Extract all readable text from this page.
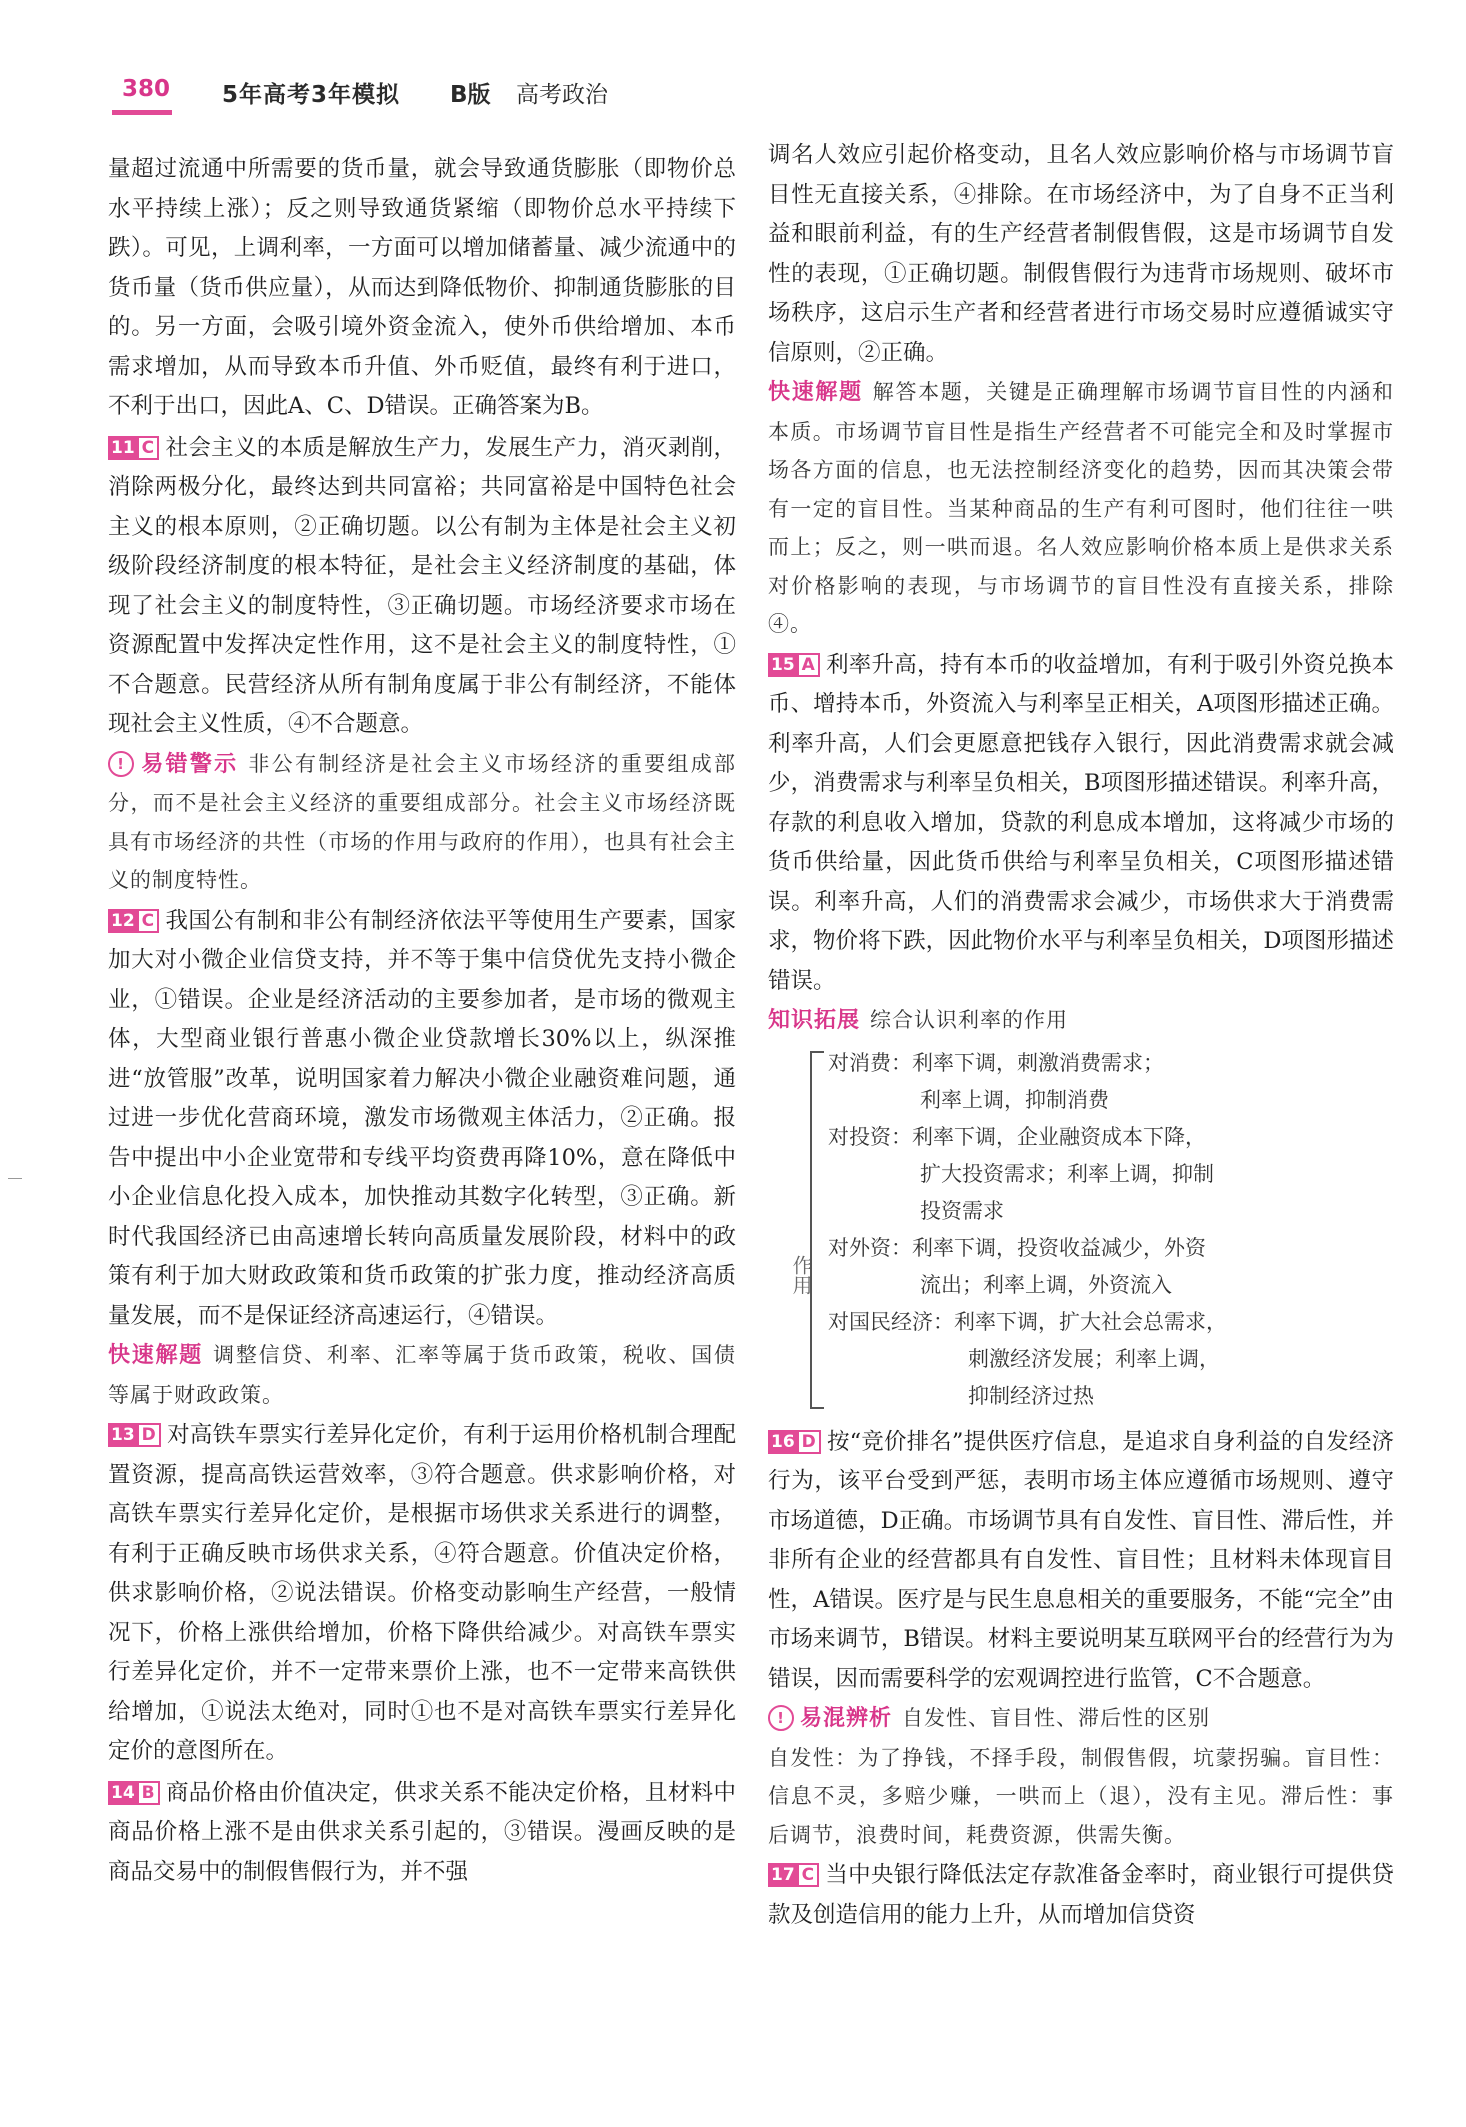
380 5年高考3年模拟 B版 高考政治

量超过流通中所需要的货币量，就会导致通货膨胀（即物价总水平持续上涨）；反之则导致通货紧缩（即物价总水平持续下跌）。可见，上调利率，一方面可以增加储蓄量、减少流通中的货币量（货币供应量），从而达到降低物价、抑制通货膨胀的目的。另一方面，会吸引境外资金流入，使外币供给增加、本币需求增加，从而导致本币升值、外币贬值，最终有利于进口，不利于出口，因此A、C、D错误。正确答案为B。

11 C 社会主义的本质是解放生产力，发展生产力，消灭剥削，消除两极分化，最终达到共同富裕；共同富裕是中国特色社会主义的根本原则，②正确切题。以公有制为主体是社会主义初级阶段经济制度的根本特征，是社会主义经济制度的基础，体现了社会主义的制度特性，③正确切题。市场经济要求市场在资源配置中发挥决定性作用，这不是社会主义的制度特性，①不合题意。民营经济从所有制角度属于非公有制经济，不能体现社会主义性质，④不合题意。

! 易错警示 非公有制经济是社会主义市场经济的重要组成部分，而不是社会主义经济的重要组成部分。社会主义市场经济既具有市场经济的共性（市场的作用与政府的作用），也具有社会主义的制度特性。

12 C 我国公有制和非公有制经济依法平等使用生产要素，国家加大对小微企业信贷支持，并不等于集中信贷优先支持小微企业，①错误。企业是经济活动的主要参加者，是市场的微观主体，大型商业银行普惠小微企业贷款增长30%以上，纵深推进“放管服”改革，说明国家着力解决小微企业融资难问题，通过进一步优化营商环境，激发市场微观主体活力，②正确。报告中提出中小企业宽带和专线平均资费再降10%，意在降低中小企业信息化投入成本，加快推动其数字化转型，③正确。新时代我国经济已由高速增长转向高质量发展阶段，材料中的政策有利于加大财政政策和货币政策的扩张力度，推动经济高质量发展，而不是保证经济高速运行，④错误。

快速解题 调整信贷、利率、汇率等属于货币政策，税收、国债等属于财政政策。

13 D 对高铁车票实行差异化定价，有利于运用价格机制合理配置资源，提高高铁运营效率，③符合题意。供求影响价格，对高铁车票实行差异化定价，是根据市场供求关系进行的调整，有利于正确反映市场供求关系，④符合题意。价值决定价格，供求影响价格，②说法错误。价格变动影响生产经营，一般情况下，价格上涨供给增加，价格下降供给减少。对高铁车票实行差异化定价，并不一定带来票价上涨，也不一定带来高铁供给增加，①说法太绝对，同时①也不是对高铁车票实行差异化定价的意图所在。

14 B 商品价格由价值决定，供求关系不能决定价格，且材料中商品价格上涨不是由供求关系引起的，③错误。漫画反映的是商品交易中的制假售假行为，并不强

调名人效应引起价格变动，且名人效应影响价格与市场调节盲目性无直接关系，④排除。在市场经济中，为了自身不正当利益和眼前利益，有的生产经营者制假售假，这是市场调节自发性的表现，①正确切题。制假售假行为违背市场规则、破坏市场秩序，这启示生产者和经营者进行市场交易时应遵循诚实守信原则，②正确。

快速解题 解答本题，关键是正确理解市场调节盲目性的内涵和本质。市场调节盲目性是指生产经营者不可能完全和及时掌握市场各方面的信息，也无法控制经济变化的趋势，因而其决策会带有一定的盲目性。当某种商品的生产有利可图时，他们往往一哄而上；反之，则一哄而退。名人效应影响价格本质上是供求关系对价格影响的表现，与市场调节的盲目性没有直接关系，排除④。

15 A 利率升高，持有本币的收益增加，有利于吸引外资兑换本币、增持本币，外资流入与利率呈正相关，A项图形描述正确。利率升高，人们会更愿意把钱存入银行，因此消费需求就会减少，消费需求与利率呈负相关，B项图形描述错误。利率升高，存款的利息收入增加，贷款的利息成本增加，这将减少市场的货币供给量，因此货币供给与利率呈负相关，C项图形描述错误。利率升高，人们的消费需求会减少，市场供求大于消费需求，物价将下跌，因此物价水平与利率呈负相关，D项图形描述错误。

知识拓展 综合认识利率的作用

作用
对消费：利率下调，刺激消费需求；
利率上调，抑制消费
对投资：利率下调，企业融资成本下降，
扩大投资需求；利率上调，抑制
投资需求
对外资：利率下调，投资收益减少，外资
流出；利率上调，外资流入
对国民经济：利率下调，扩大社会总需求，
刺激经济发展；利率上调，
抑制经济过热

16 D 按“竞价排名”提供医疗信息，是追求自身利益的自发经济行为，该平台受到严惩，表明市场主体应遵循市场规则、遵守市场道德，D正确。市场调节具有自发性、盲目性、滞后性，并非所有企业的经营都具有自发性、盲目性；且材料未体现盲目性，A错误。医疗是与民生息息相关的重要服务，不能“完全”由市场来调节，B错误。材料主要说明某互联网平台的经营行为为错误，因而需要科学的宏观调控进行监管，C不合题意。

! 易混辨析 自发性、盲目性、滞后性的区别

自发性：为了挣钱，不择手段，制假售假，坑蒙拐骗。盲目性：信息不灵，多赔少赚，一哄而上（退），没有主见。滞后性：事后调节，浪费时间，耗费资源，供需失衡。

17 C 当中央银行降低法定存款准备金率时，商业银行可提供贷款及创造信用的能力上升，从而增加信贷资
